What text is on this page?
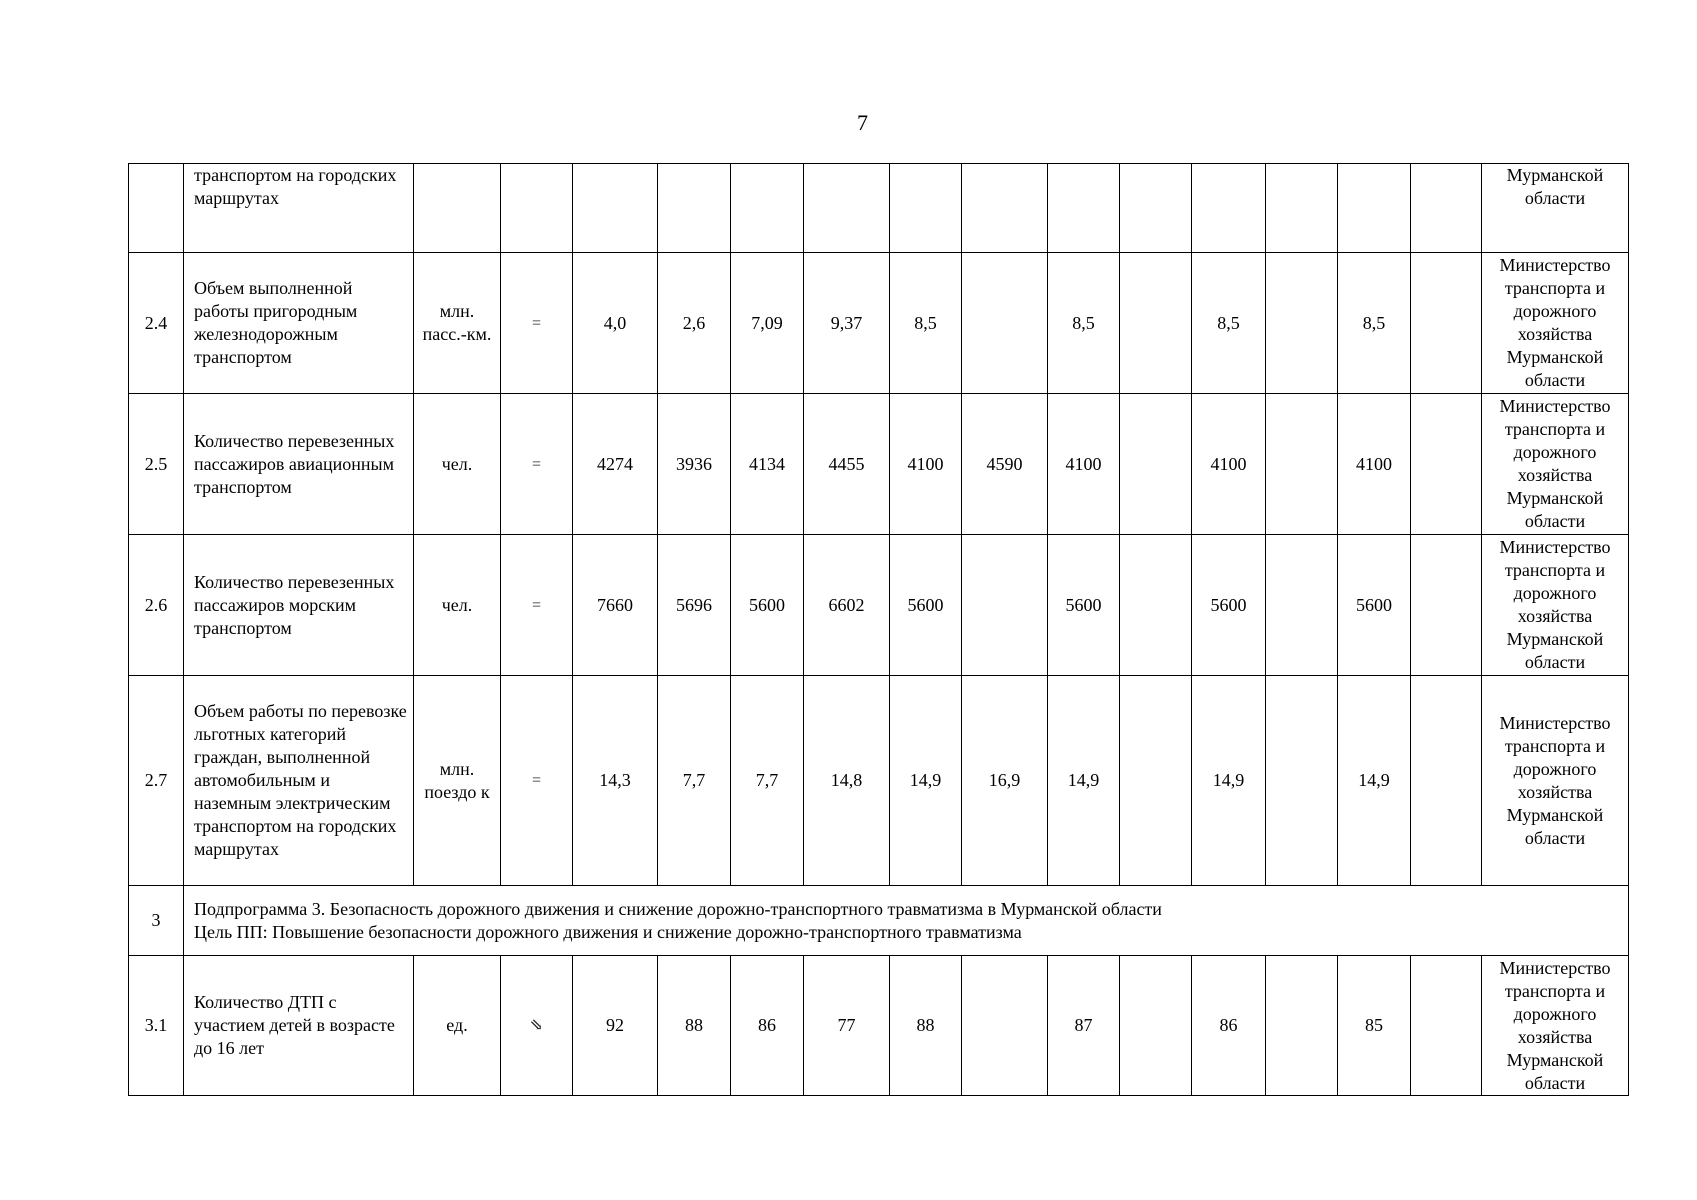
7
	транспортом на городских маршрутах															Мурманской области
2.4	Объем выполненной работы пригородным железнодорожным транспортом	млн. пасс.-км.	=	4,0	2,6	7,09	9,37	8,5		8,5		8,5		8,5		Министерство транспорта и дорожного хозяйства Мурманской области
2.5	Количество перевезенных пассажиров авиационным транспортом	чел.	=	4274	3936	4134	4455	4100	4590	4100		4100		4100		Министерство транспорта и дорожного хозяйства Мурманской области
2.6	Количество перевезенных пассажиров морским транспортом	чел.	=	7660	5696	5600	6602	5600		5600		5600		5600		Министерство транспорта и дорожного хозяйства Мурманской области
2.7	Объем работы по перевозке льготных категорий граждан, выполненной автомобильным и наземным электрическим транспортом на городских маршрутах	млн. поездо к	=	14,3	7,7	7,7	14,8	14,9	16,9	14,9		14,9		14,9		Министерство транспорта и дорожного хозяйства Мурманской области
3	Подпрограмма 3. Безопасность дорожного движения и снижение дорожно-транспортного травматизма в Мурманской области
Цель ПП: Повышение безопасности дорожного движения и снижение дорожно-транспортного травматизма															

3.1	Количество ДТП с участием детей в возрасте до 16 лет	ед.	⇘	92	88	86	77	88		87		86		85		Министерство транспорта и дорожного хозяйства Мурманской области
